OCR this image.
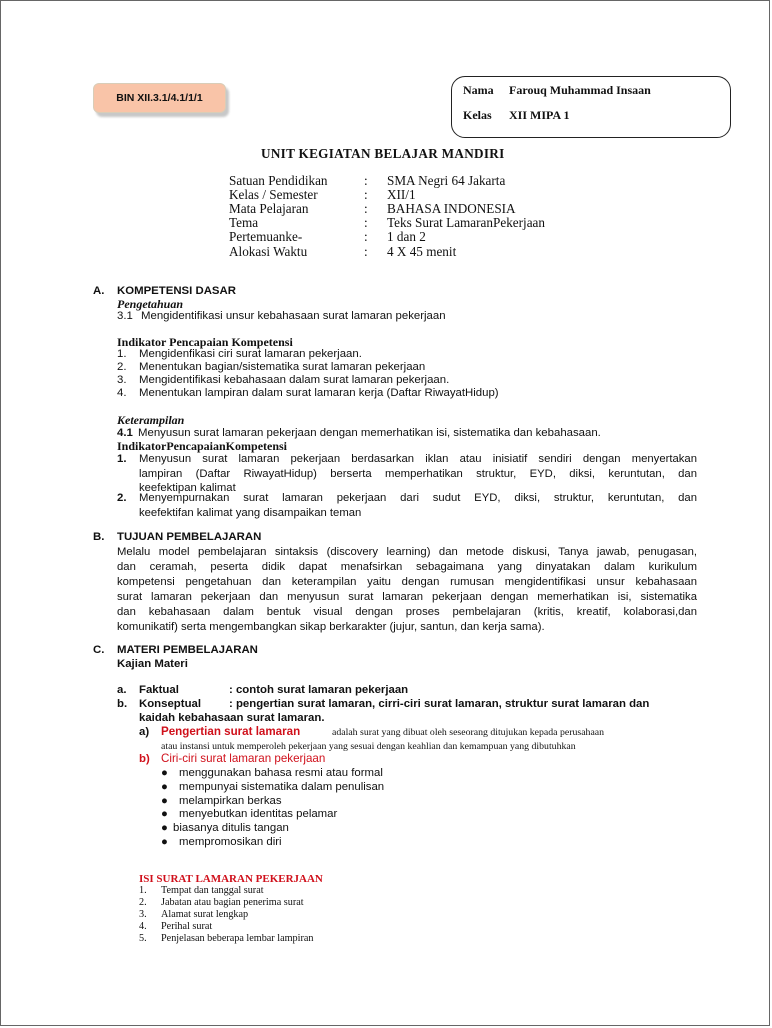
BIN XII.3.1/4.1/1/1
Nama Farouq Muhammad Insaan
Kelas XII MIPA 1
UNIT KEGIATAN BELAJAR MANDIRI
Satuan Pendidikan	: SMA Negri 64 Jakarta
Kelas / Semester	: XII/1
Mata Pelajaran	: BAHASA INDONESIA
Tema	: Teks Surat LamaranPekerjaan
Pertemuanke-	: 1 dan 2
Alokasi Waktu	: 4 X 45 menit
A. KOMPETENSI DASAR
Pengetahuan
3.1 Mengidentifikasi unsur kebahasaan surat lamaran pekerjaan
Indikator Pencapaian Kompetensi
1. Mengidenfikasi ciri surat lamaran pekerjaan.
2. Menentukan bagian/sistematika surat lamaran pekerjaan
3. Mengidentifikasi kebahasaan dalam surat lamaran pekerjaan.
4. Menentukan lampiran dalam surat lamaran kerja (Daftar RiwayatHidup)
Keterampilan
4.1 Menyusun surat lamaran pekerjaan dengan memerhatikan isi, sistematika dan kebahasaan.
IndikatorPencapaianKompetensi
1. Menyusun surat lamaran pekerjaan berdasarkan iklan atau inisiatif sendiri dengan menyertakan
lampiran (Daftar RiwayatHidup) berserta memperhatikan struktur, EYD, diksi, keruntutan, dan
keefektipan kalimat
2. Menyempurnakan surat lamaran pekerjaan dari sudut EYD, diksi, struktur, keruntutan, dan
keefektifan kalimat yang disampaikan teman
B. TUJUAN PEMBELAJARAN
Melalu model pembelajaran sintaksis (discovery learning) dan metode diskusi, Tanya jawab, penugasan,
dan ceramah, peserta didik dapat menafsirkan sebagaimana yang dinyatakan dalam kurikulum
kompetensi pengetahuan dan keterampilan yaitu dengan rumusan mengidentifikasi unsur kebahasaan
surat lamaran pekerjaan dan menyusun surat lamaran pekerjaan dengan memerhatikan isi, sistematika
dan kebahasaan dalam bentuk visual dengan proses pembelajaran (kritis, kreatif, kolaborasi,dan
komunikatif) serta mengembangkan sikap berkarakter (jujur, santun, dan kerja sama).
C. MATERI PEMBELAJARAN
Kajian Materi
a. Faktual	: contoh surat lamaran pekerjaan
b. Konseptual : pengertian surat lamaran, cirri-ciri surat lamaran, struktur surat lamaran dan
kaidah kebahasaan surat lamaran.
a) Pengertian surat lamaran	adalah surat yang dibuat oleh seseorang ditujukan kepada perusahaan
atau instansi untuk memperoleh pekerjaan yang sesuai dengan keahlian dan kemampuan yang dibutuhkan
b) Ciri-ciri surat lamaran pekerjaan
● menggunakan bahasa resmi atau formal
● mempunyai sistematika dalam penulisan
● melampirkan berkas
● menyebutkan identitas pelamar
● biasanya ditulis tangan
● mempromosikan diri
ISI SURAT LAMARAN PEKERJAAN
1. Tempat dan tanggal surat
2. Jabatan atau bagian penerima surat
3. Alamat surat lengkap
4. Perihal surat
5. Penjelasan beberapa lembar lampiran
